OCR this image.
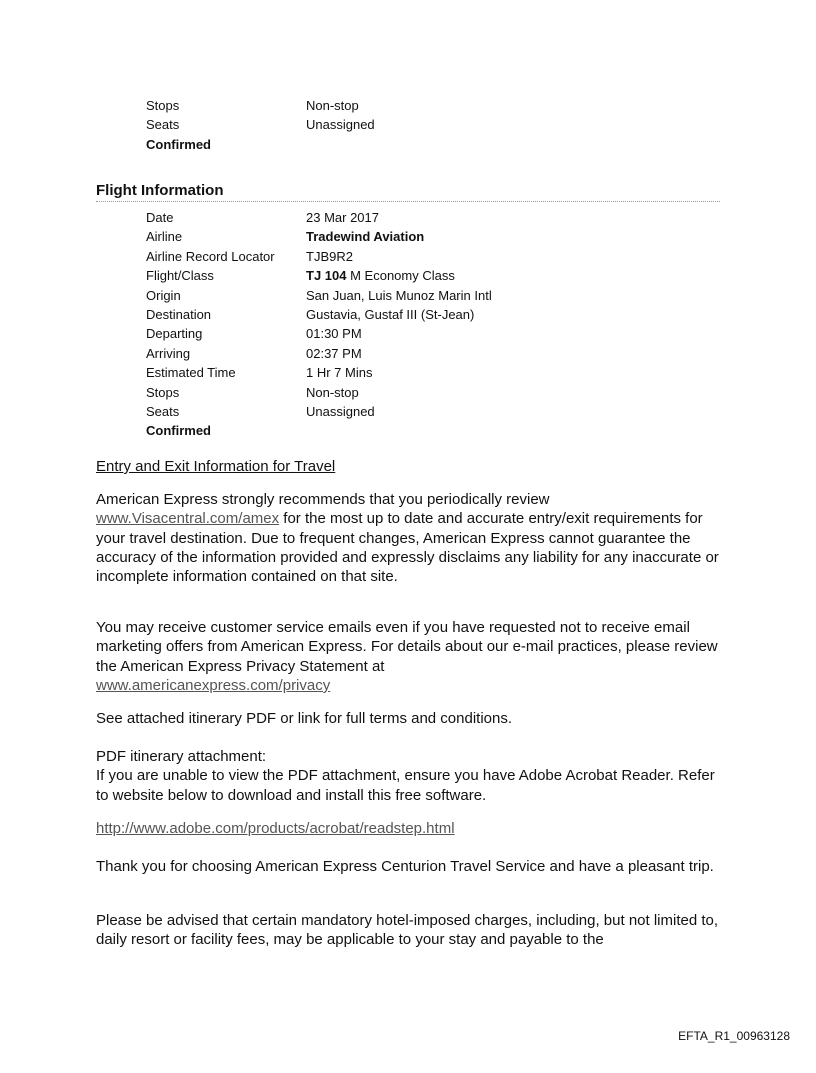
Stops	Non-stop
Seats	Unassigned
Confirmed
Flight Information
Date	23 Mar 2017
Airline	Tradewind Aviation
Airline Record Locator TJB9R2
Flight/Class	TJ 104 M Economy Class
Origin	San Juan, Luis Munoz Marin Intl
Destination	Gustavia, Gustaf III (St-Jean)
Departing	01:30 PM
Arriving	02:37 PM
Estimated Time	1 Hr 7 Mins
Stops	Non-stop
Seats	Unassigned
Confirmed

Entry and Exit Information for Travel

American Express strongly recommends that you periodically review
www.Visacentral.com/amex for the most up to date and accurate entry/exit requirements for your travel destination. Due to frequent changes, American Express cannot guarantee the accuracy of the information provided and expressly disclaims any liability for any inaccurate or incomplete information contained on that site.

You may receive customer service emails even if you have requested not to receive email marketing offers from American Express. For details about our e-mail practices, please review the American Express Privacy Statement at
www.americanexpress.com/privacy

See attached itinerary PDF or link for full terms and conditions.

PDF itinerary attachment:

If you are unable to view the PDF attachment, ensure you have Adobe Acrobat Reader. Refer to website below to download and install this free software.

http://www.adobe.com/products/acrobat/readstep.html

Thank you for choosing American Express Centurion Travel Service and have a pleasant trip.

Please be advised that certain mandatory hotel-imposed charges, including, but not limited to, daily resort or facility fees, may be applicable to your stay and payable to the

EFTA_R1_00963128
